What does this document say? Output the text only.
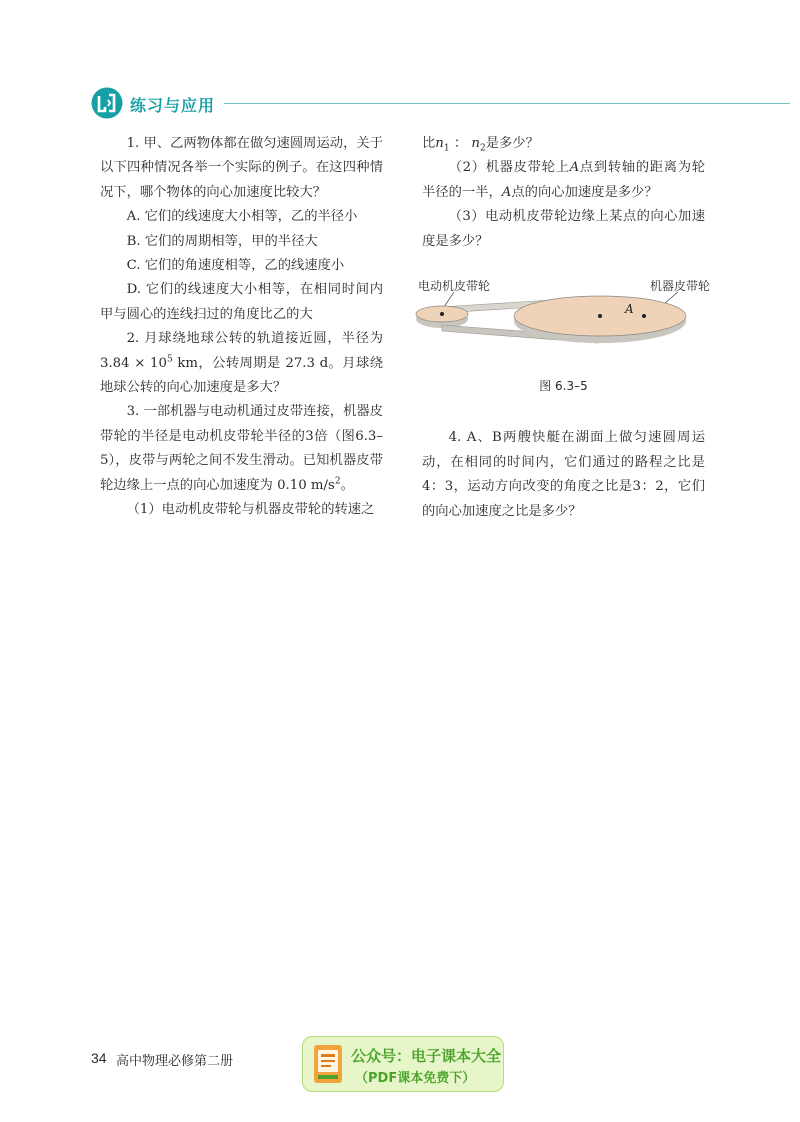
练习与应用

1. 甲、乙两物体都在做匀速圆周运动，关于以下四种情况各举一个实际的例子。在这四种情况下，哪个物体的向心加速度比较大？

A. 它们的线速度大小相等，乙的半径小

B. 它们的周期相等，甲的半径大

C. 它们的角速度相等，乙的线速度小

D. 它们的线速度大小相等，在相同时间内甲与圆心的连线扫过的角度比乙的大

2. 月球绕地球公转的轨道接近圆，半径为$3.84 \times 10^5$ km，公转周期是 27.3 d。月球绕地球公转的向心加速度是多大？

3. 一部机器与电动机通过皮带连接，机器皮带轮的半径是电动机皮带轮半径的3倍（图6.3–5），皮带与两轮之间不发生滑动。已知机器皮带轮边缘上一点的向心加速度为 0.10 $m/s^2$。

（1）电动机皮带轮与机器皮带轮的转速之

比$n_1$ ： $n_2$是多少？

（2）机器皮带轮上A点到转轴的距离为轮半径的一半，A点的向心加速度是多少？

（3）电动机皮带轮边缘上某点的向心加速度是多少？

电动机皮带轮	机器皮带轮
A
图 6.3–5

4. A、B两艘快艇在湖面上做匀速圆周运动，在相同的时间内，它们通过的路程之比是4：3，运动方向改变的角度之比是3：2，它们的向心加速度之比是多少？

34 高中物理必修第二册	公众号：电子课本大全
（PDF课本免费下）
